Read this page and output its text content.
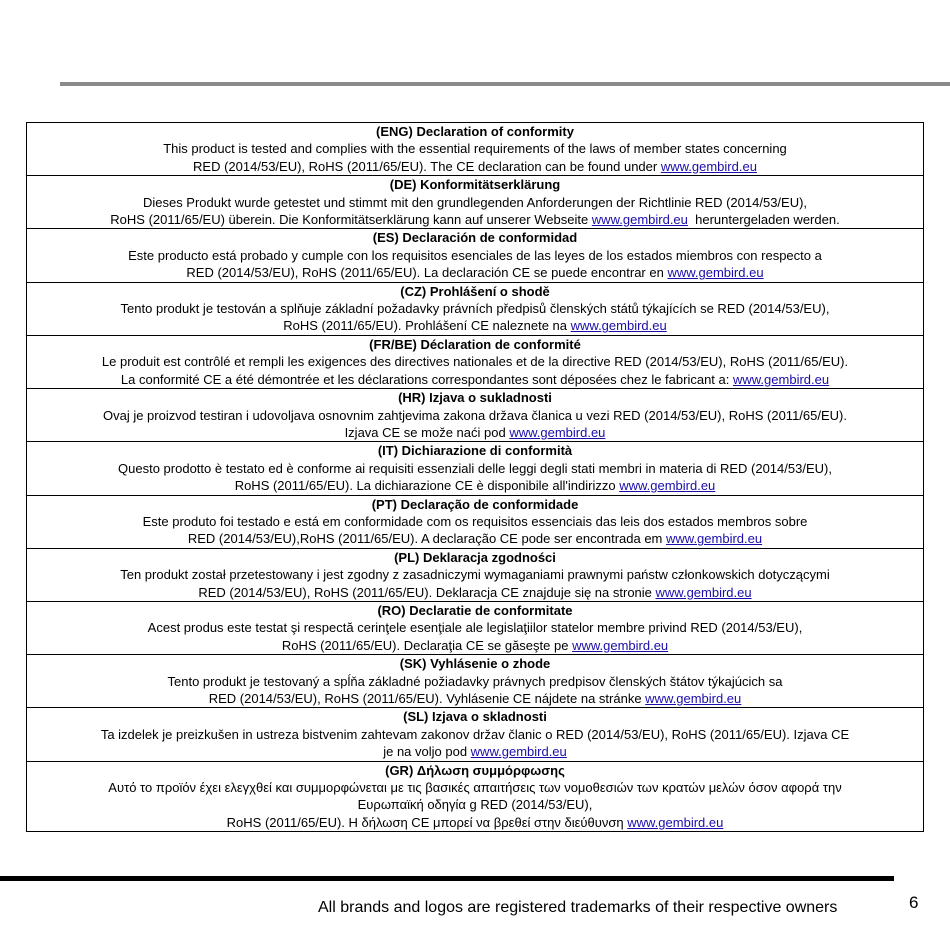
(ENG) Declaration of conformity
This product is tested and complies with the essential requirements of the laws of member states concerning
RED (2014/53/EU), RoHS (2011/65/EU). The CE declaration can be found under www.gembird.eu
(DE) Konformitätserklärung
Dieses Produkt wurde getestet und stimmt mit den grundlegenden Anforderungen der Richtlinie RED (2014/53/EU),
RoHS (2011/65/EU) überein. Die Konformitätserklärung kann auf unserer Webseite www.gembird.eu  heruntergeladen werden.
(ES) Declaración de conformidad
Este producto está probado y cumple con los requisitos esenciales de las leyes de los estados miembros con respecto a
RED (2014/53/EU), RoHS (2011/65/EU). La declaración CE se puede encontrar en www.gembird.eu
(CZ) Prohlášení o shodě
Tento produkt je testován a splňuje základní požadavky právních předpisů členských států týkajících se RED (2014/53/EU),
RoHS (2011/65/EU). Prohlášení CE naleznete na www.gembird.eu
(FR/BE) Déclaration de conformité
Le produit est contrôlé et rempli les exigences des directives nationales et de la directive RED (2014/53/EU), RoHS (2011/65/EU).
La conformité CE a été démontrée et les déclarations correspondantes sont déposées chez le fabricant a: www.gembird.eu
(HR) Izjava o sukladnosti
Ovaj je proizvod testiran i udovoljava osnovnim zahtjevima zakona država članica u vezi RED (2014/53/EU), RoHS (2011/65/EU).
Izjava CE se može naći pod www.gembird.eu
(IT) Dichiarazione di conformità
Questo prodotto è testato ed è conforme ai requisiti essenziali delle leggi degli stati membri in materia di RED (2014/53/EU),
RoHS (2011/65/EU). La dichiarazione CE è disponibile all'indirizzo www.gembird.eu
(PT) Declaração de conformidade
Este produto foi testado e está em conformidade com os requisitos essenciais das leis dos estados membros sobre
RED (2014/53/EU),RoHS (2011/65/EU). A declaração CE pode ser encontrada em www.gembird.eu
(PL) Deklaracja zgodności
Ten produkt został przetestowany i jest zgodny z zasadniczymi wymaganiami prawnymi państw członkowskich dotyczącymi
RED (2014/53/EU), RoHS (2011/65/EU). Deklaracja CE znajduje się na stronie www.gembird.eu
(RO) Declaratie de conformitate
Acest produs este testat şi respectă cerinţele esenţiale ale legislaţiilor statelor membre privind RED (2014/53/EU),
RoHS (2011/65/EU). Declaraţia CE se găseşte pe www.gembird.eu
(SK) Vyhlásenie o zhode
Tento produkt je testovaný a spĺňa základné požiadavky právnych predpisov členských štátov týkajúcich sa
RED (2014/53/EU), RoHS (2011/65/EU). Vyhlásenie CE nájdete na stránke www.gembird.eu
(SL) Izjava o skladnosti
Ta izdelek je preizkušen in ustreza bistvenim zahtevam zakonov držav članic o RED (2014/53/EU), RoHS (2011/65/EU). Izjava CE
je na voljo pod www.gembird.eu
(GR) Δήλωση συμμόρφωσης
Αυτό το προϊόν έχει ελεγχθεί και συμμορφώνεται με τις βασικές απαιτήσεις των νομοθεσιών των κρατών μελών όσον αφορά την
Ευρωπαϊκή οδηγία g RED (2014/53/EU),
RoHS (2011/65/EU). Η δήλωση CE μπορεί να βρεθεί στην διεύθυνση www.gembird.eu
All brands and logos are registered trademarks of their respective owners	6
